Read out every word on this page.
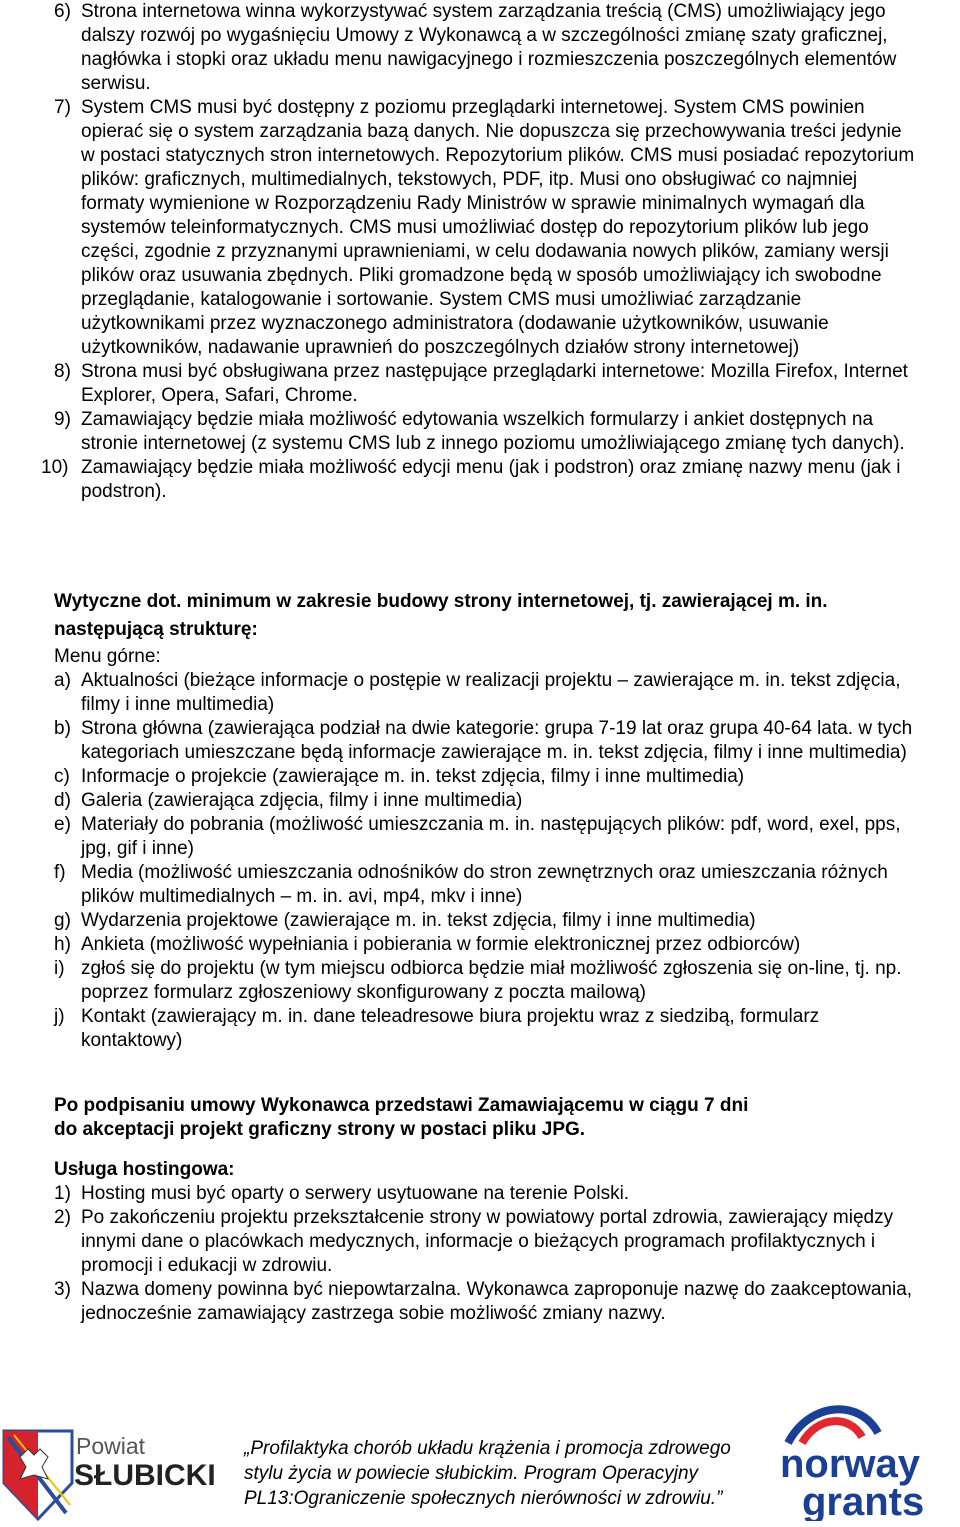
6) Strona internetowa winna wykorzystywać system zarządzania treścią (CMS) umożliwiający jego dalszy rozwój po wygaśnięciu Umowy z Wykonawcą a w szczególności zmianę szaty graficznej, nagłówka i stopki oraz układu menu nawigacyjnego i rozmieszczenia poszczególnych elementów serwisu.
7) System CMS musi być dostępny z poziomu przeglądarki internetowej. System CMS powinien opierać się o system zarządzania bazą danych. Nie dopuszcza się przechowywania treści jedynie w postaci statycznych stron internetowych. Repozytorium plików. CMS musi posiadać repozytorium plików: graficznych, multimedialnych, tekstowych, PDF, itp. Musi ono obsługiwać co najmniej formaty wymienione w Rozporządzeniu Rady Ministrów w sprawie minimalnych wymagań dla systemów teleinformatycznych. CMS musi umożliwiać dostęp do repozytorium plików lub jego części, zgodnie z przyznanymi uprawnieniami, w celu dodawania nowych plików, zamiany wersji plików oraz usuwania zbędnych. Pliki gromadzone będą w sposób umożliwiający ich swobodne przeglądanie, katalogowanie i sortowanie. System CMS musi umożliwiać zarządzanie użytkownikami przez wyznaczonego administratora (dodawanie użytkowników, usuwanie użytkowników, nadawanie uprawnień do poszczególnych działów strony internetowej)
8) Strona musi być obsługiwana przez następujące przeglądarki internetowe: Mozilla Firefox, Internet Explorer, Opera, Safari, Chrome.
9) Zamawiający będzie miała możliwość edytowania wszelkich formularzy i ankiet dostępnych na stronie internetowej (z systemu CMS lub z innego poziomu umożliwiającego zmianę tych danych).
10) Zamawiający będzie miała możliwość edycji menu (jak i podstron) oraz zmianę nazwy menu (jak i podstron).
Wytyczne dot. minimum w zakresie budowy strony internetowej, tj. zawierającej m. in.
następującą strukturę:
Menu górne:
a) Aktualności (bieżące informacje o postępie w realizacji projektu – zawierające m. in. tekst zdjęcia, filmy i inne multimedia)
b) Strona główna (zawierająca podział na dwie kategorie: grupa 7-19 lat oraz grupa 40-64 lata. w tych kategoriach umieszczane będą informacje zawierające m. in. tekst zdjęcia, filmy i inne multimedia)
c) Informacje o projekcie (zawierające m. in. tekst zdjęcia, filmy i inne multimedia)
d) Galeria (zawierająca zdjęcia, filmy i inne multimedia)
e) Materiały do pobrania (możliwość umieszczania m. in. następujących plików: pdf, word, exel, pps, jpg, gif i inne)
f) Media (możliwość umieszczania odnośników do stron zewnętrznych oraz umieszczania różnych plików multimedialnych – m. in. avi, mp4, mkv i inne)
g) Wydarzenia projektowe (zawierające m. in. tekst zdjęcia, filmy i inne multimedia)
h) Ankieta (możliwość wypełniania i pobierania w formie elektronicznej przez odbiorców)
i) zgłoś się do projektu (w tym miejscu odbiorca będzie miał możliwość zgłoszenia się on-line, tj. np. poprzez formularz zgłoszeniowy skonfigurowany z poczta mailową)
j) Kontakt (zawierający m. in. dane teleadresowe biura projektu wraz z siedzibą, formularz kontaktowy)
Po podpisaniu umowy Wykonawca przedstawi Zamawiającemu w ciągu 7 dni
do akceptacji projekt graficzny strony w postaci pliku JPG.
Usługa hostingowa:
1) Hosting musi być oparty o serwery usytuowane na terenie Polski.
2) Po zakończeniu projektu przekształcenie strony w powiatowy portal zdrowia, zawierający między innymi dane o placówkach medycznych, informacje o bieżących programach profilaktycznych i promocji i edukacji w zdrowiu.
3) Nazwa domeny powinna być niepowtarzalna. Wykonawca zaproponuje nazwę do zaakceptowania, jednocześnie zamawiający zastrzega sobie możliwość zmiany nazwy.
Powiat
SŁUBICKI
„Profilaktyka chorób układu krążenia i promocja zdrowego
stylu życia w powiecie słubickim. Program Operacyjny
PL13:Ograniczenie społecznych nierówności w zdrowiu.”
norway
grants
